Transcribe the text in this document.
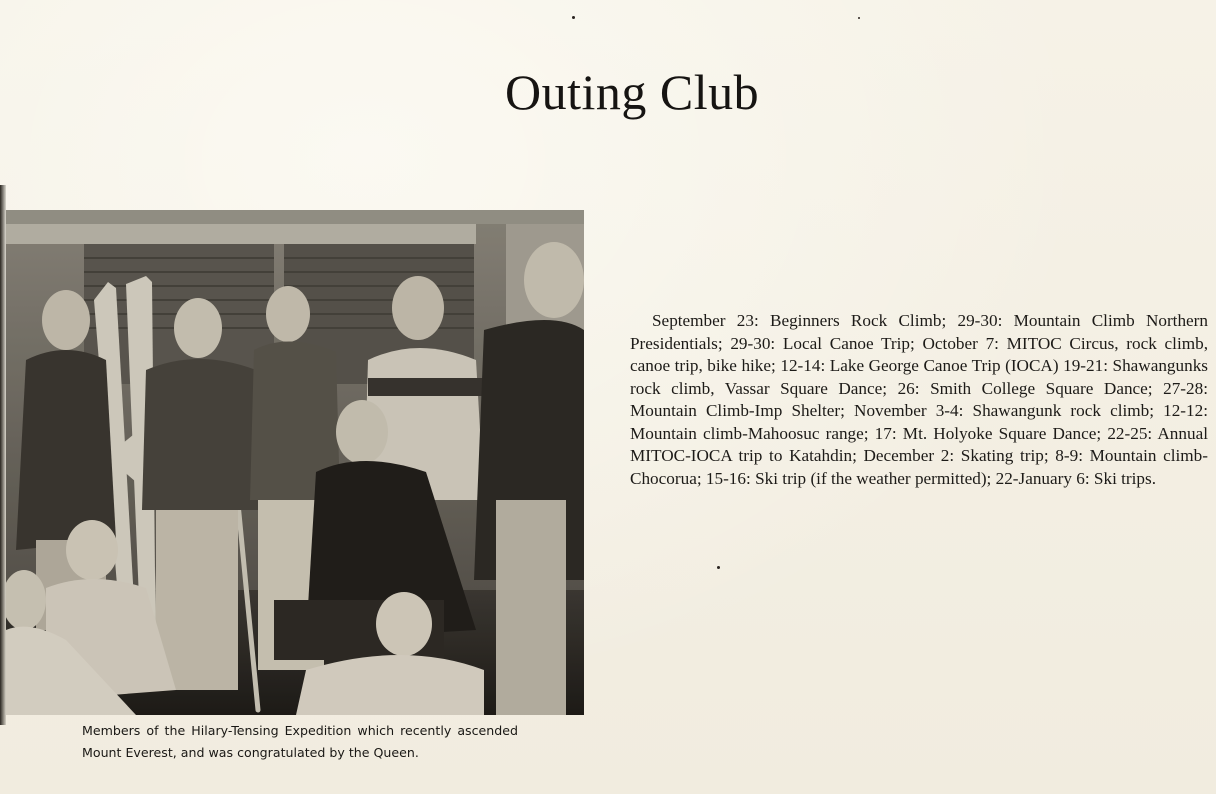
Outing Club

Members of the Hilary-Tensing Expedition which recently ascended Mount Everest, and was congratulated by the Queen.

September 23: Beginners Rock Climb; 29-30: Mountain Climb Northern Presidentials; 29-30: Local Canoe Trip; October 7: MITOC Circus, rock climb, canoe trip, bike hike; 12-14: Lake George Canoe Trip (IOCA) 19-21: Shawangunks rock climb, Vassar Square Dance; 26: Smith College Square Dance; 27-28: Mountain Climb-Imp Shelter; November 3-4: Shawangunk rock climb; 12-12: Mountain climb-Mahoosuc range; 17: Mt. Holyoke Square Dance; 22-25: Annual MITOC-IOCA trip to Katahdin; December 2: Skating trip; 8-9: Mountain climb-Chocorua; 15-16: Ski trip (if the weather permitted); 22-January 6: Ski trips.
